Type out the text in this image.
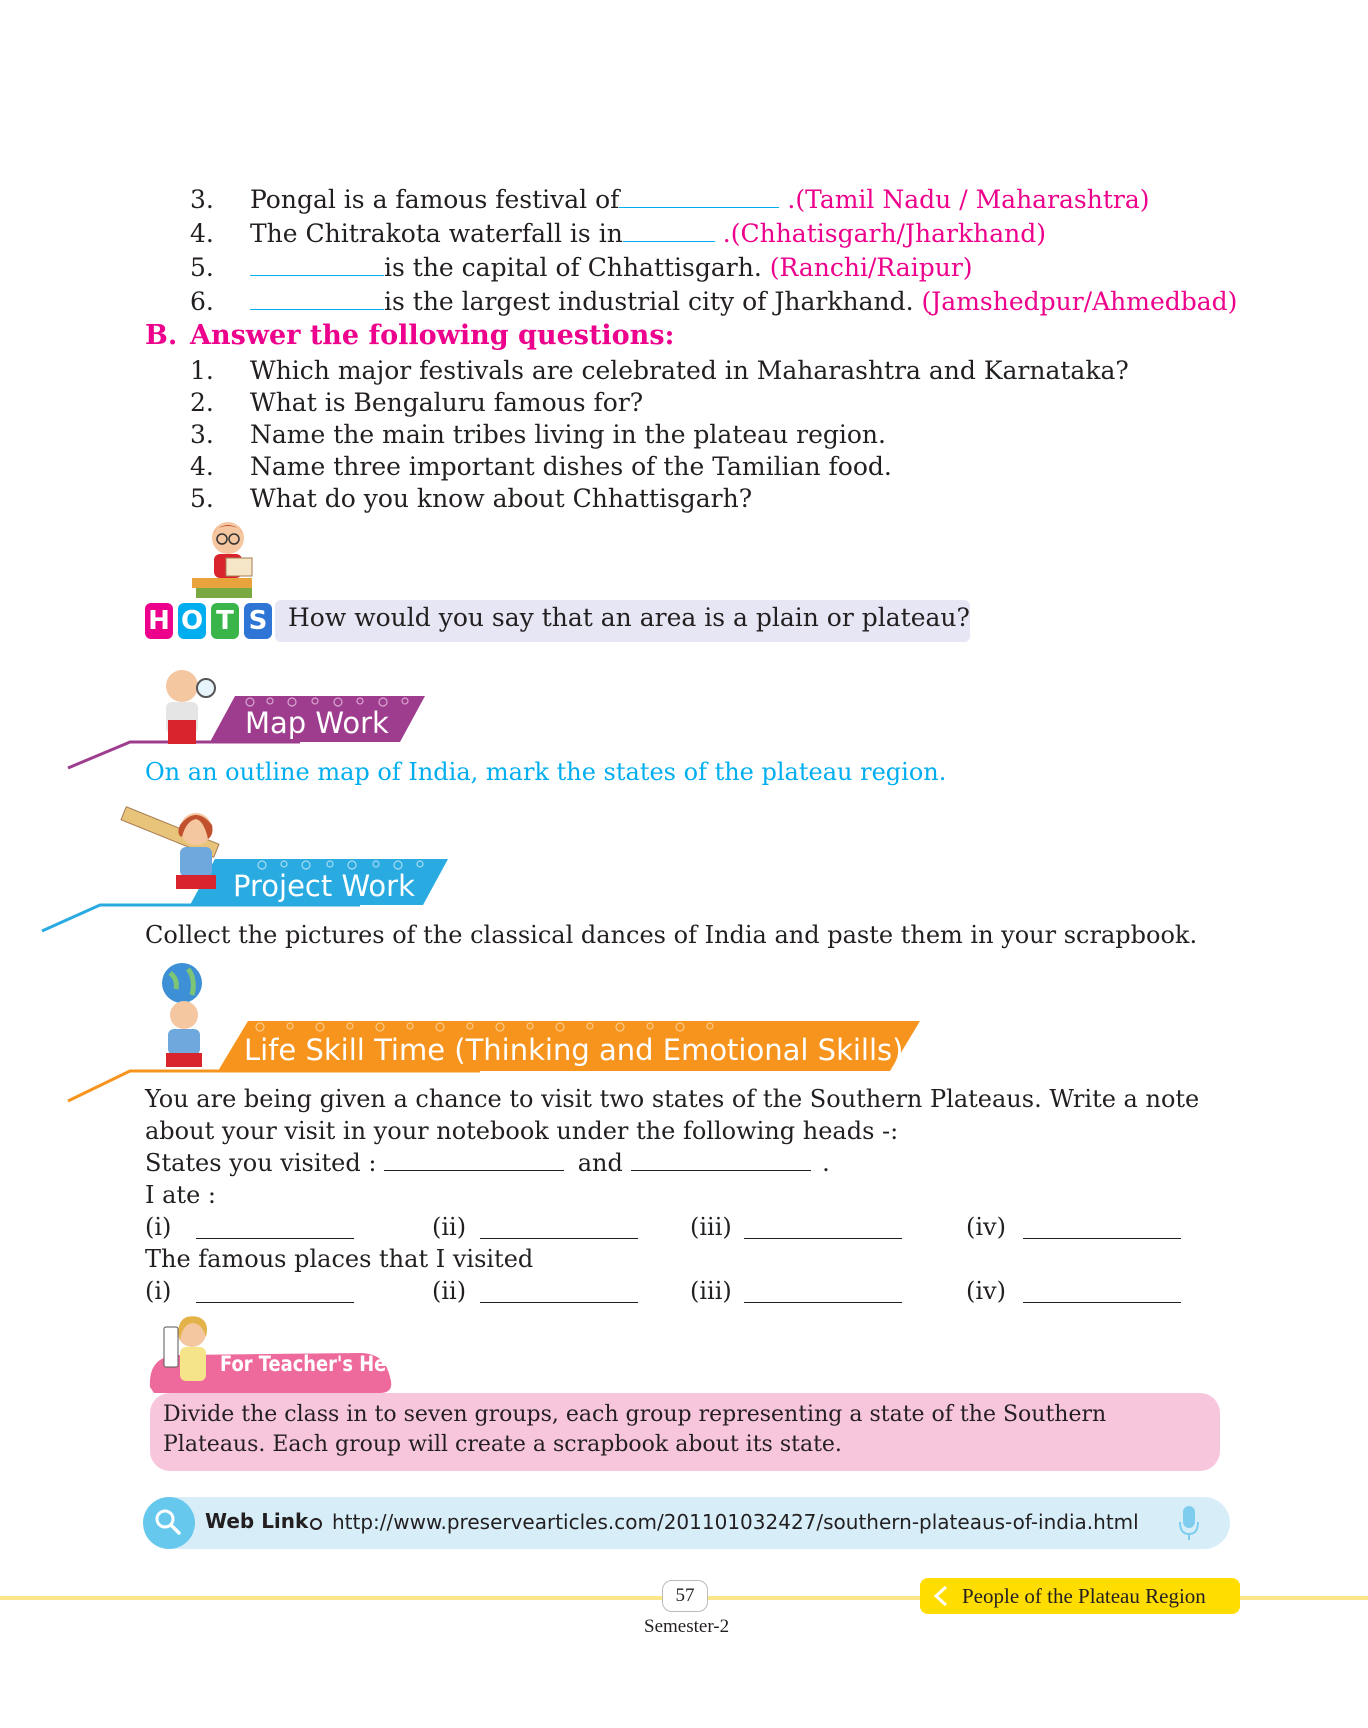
3. Pongal is a famous festival of	.(Tamil Nadu / Maharashtra)
4. The Chitrakota waterfall is in	.(Chhatisgarh/Jharkhand)
5.	is the capital of Chhattisgarh. (Ranchi/Raipur)
6.	is the largest industrial city of Jharkhand. (Jamshedpur/Ahmedbad)
B. Answer the following questions:
1. Which major festivals are celebrated in Maharashtra and Karnataka?
2. What is Bengaluru famous for?
3. Name the main tribes living in the plateau region.
4. Name three important dishes of the Tamilian food.
5. What do you know about Chhattisgarh?
H O T S How would you say that an area is a plain or plateau?
Map Work
On an outline map of India, mark the states of the plateau region.
Project Work
Collect the pictures of the classical dances of India and paste them in your scrapbook.
Life Skill Time (Thinking and Emotional Skills)
You are being given a chance to visit two states of the Southern Plateaus. Write a note
about your visit in your notebook under the following heads -:
States you visited :	and	.
I ate :
(i)	(ii)	(iii)	(iv)
The famous places that I visited
(i)	(ii)	(iii)	(iv)
For Teacher's Help
Divide the class in to seven groups, each group representing a state of the Southern Plateaus. Each group will create a scrapbook about its state.
Web Link http://www.preservearticles.com/201101032427/southern-plateaus-of-india.html
57	People of the Plateau Region
Semester-2
